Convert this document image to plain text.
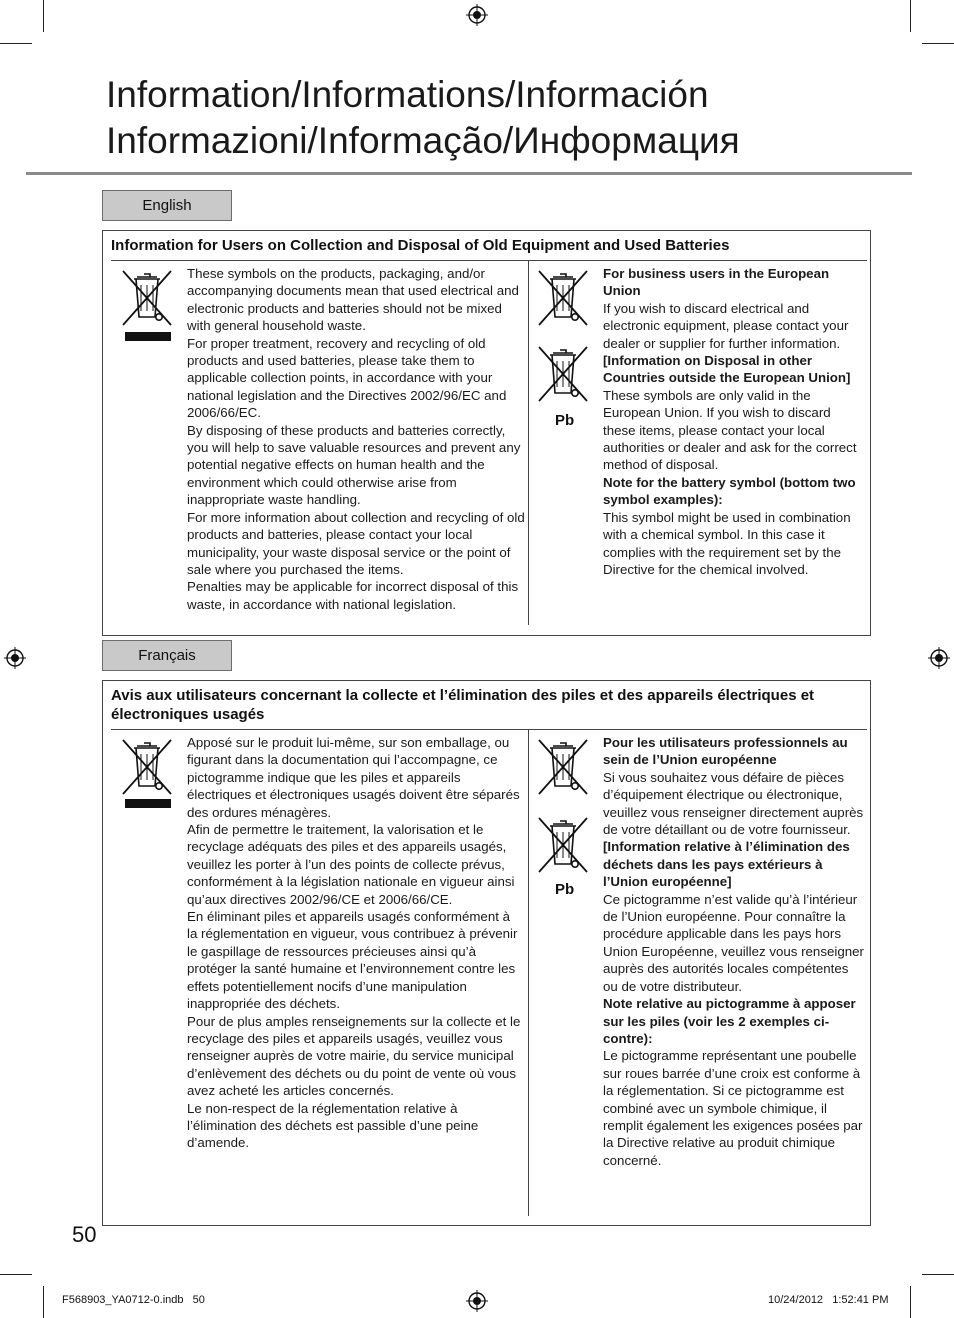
Information/Informations/Información
Informazioni/Informação/Информация
English
Information for Users on Collection and Disposal of Old Equipment and Used Batteries

These symbols on the products, packaging, and/or accompanying documents mean that used electrical and electronic products and batteries should not be mixed with general household waste.

For proper treatment, recovery and recycling of old products and used batteries, please take them to applicable collection points, in accordance with your national legislation and the Directives 2002/96/EC and 2006/66/EC.

By disposing of these products and batteries correctly, you will help to save valuable resources and prevent any potential negative effects on human health and the environment which could otherwise arise from inappropriate waste handling.

For more information about collection and recycling of old products and batteries, please contact your local municipality, your waste disposal service or the point of sale where you purchased the items.

Penalties may be applicable for incorrect disposal of this waste, in accordance with national legislation.

Pb

For business users in the European Union

If you wish to discard electrical and electronic equipment, please contact your dealer or supplier for further information.

[Information on Disposal in other Countries outside the European Union]

These symbols are only valid in the European Union. If you wish to discard these items, please contact your local authorities or dealer and ask for the correct method of disposal.

Note for the battery symbol (bottom two symbol examples):

This symbol might be used in combination with a chemical symbol. In this case it complies with the requirement set by the Directive for the chemical involved.

Français
Avis aux utilisateurs concernant la collecte et l’élimination des piles et des appareils électriques et électroniques usagés

Apposé sur le produit lui-même, sur son emballage, ou figurant dans la documentation qui l’accompagne, ce pictogramme indique que les piles et appareils électriques et électroniques usagés doivent être séparés des ordures ménagères.

Afin de permettre le traitement, la valorisation et le recyclage adéquats des piles et des appareils usagés, veuillez les porter à l’un des points de collecte prévus, conformément à la législation nationale en vigueur ainsi qu’aux directives 2002/96/CE et 2006/66/CE.

En éliminant piles et appareils usagés conformément à la réglementation en vigueur, vous contribuez à prévenir le gaspillage de ressources précieuses ainsi qu’à protéger la santé humaine et l’environnement contre les effets potentiellement nocifs d’une manipulation inappropriée des déchets.

Pour de plus amples renseignements sur la collecte et le recyclage des piles et appareils usagés, veuillez vous renseigner auprès de votre mairie, du service municipal d’enlèvement des déchets ou du point de vente où vous avez acheté les articles concernés.

Le non-respect de la réglementation relative à l’élimination des déchets est passible d’une peine d’amende.

Pb

Pour les utilisateurs professionnels au sein de l’Union européenne

Si vous souhaitez vous défaire de pièces d’équipement électrique ou électronique, veuillez vous renseigner directement auprès de votre détaillant ou de votre fournisseur.

[Information relative à l’élimination des déchets dans les pays extérieurs à l’Union européenne]

Ce pictogramme n’est valide qu’à l’intérieur de l’Union européenne. Pour connaître la procédure applicable dans les pays hors Union Européenne, veuillez vous renseigner auprès des autorités locales compétentes ou de votre distributeur.

Note relative au pictogramme à apposer sur les piles (voir les 2 exemples ci-contre):

Le pictogramme représentant une poubelle sur roues barrée d’une croix est conforme à la réglementation. Si ce pictogramme est combiné avec un symbole chimique, il remplit également les exigences posées par la Directive relative au produit chimique concerné.

50
F568903_YA0712-0.indb   50	10/24/2012   1:52:41 PM
